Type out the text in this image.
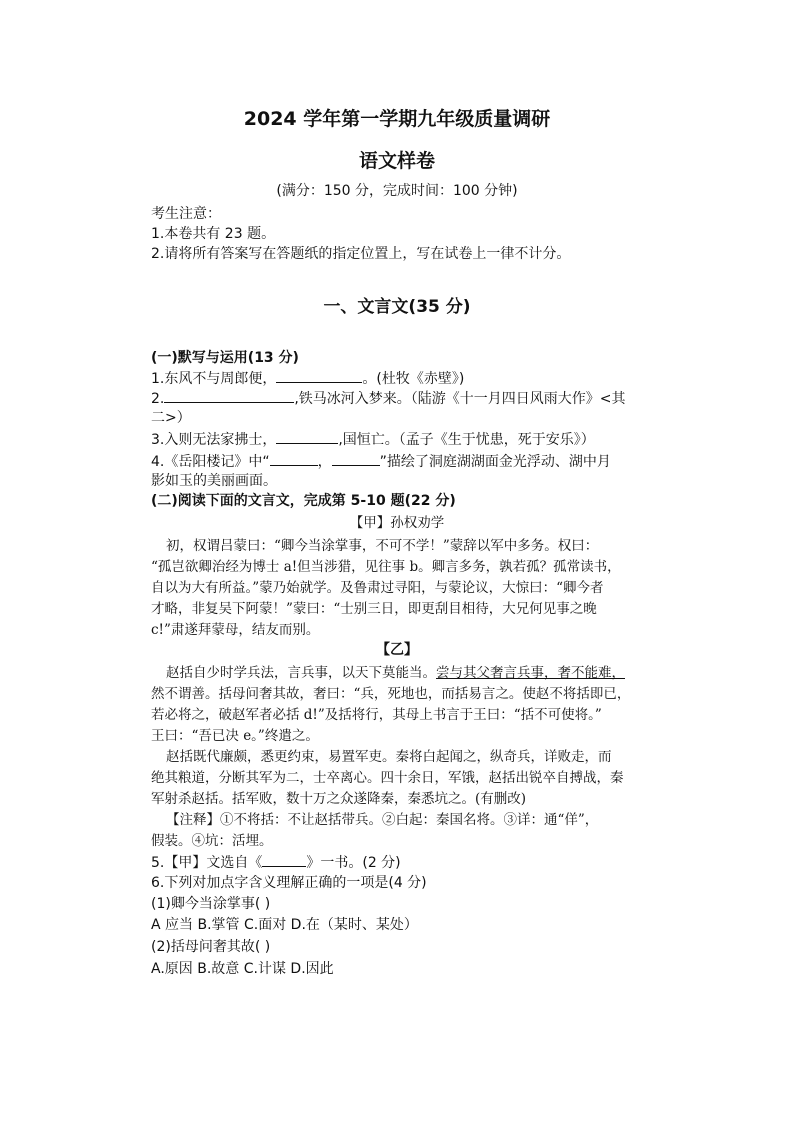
2024 学年第一学期九年级质量调研
语文样卷
(满分：150 分，完成时间：100 分钟)
考生注意：
1.本卷共有 23 题。
2.请将所有答案写在答题纸的指定位置上，写在试卷上一律不计分。
一、文言文(35 分)
(一)默写与运用(13 分)
1.东风不与周郎便，	。(杜牧《赤壁》)
2.	,铁马冰河入梦来。（陆游《十一月四日风雨大作》<其
二>）
3.入则无法家拂士，	,国恒亡。（孟子《生于忧患，死于安乐》）
4.《岳阳楼记》中“	，	”描绘了洞庭湖湖面金光浮动、湖中月
影如玉的美丽画面。
(二)阅读下面的文言文，完成第 5-10 题(22 分)
【甲】孙权劝学
初，权谓吕蒙曰：“卿今当涂掌事，不可不学！”蒙辞以军中多务。权曰：
“孤岂欲卿治经为博士 a!但当涉猎，见往事 b。卿言多务，孰若孤？孤常读书，
自以为大有所益。”蒙乃始就学。及鲁肃过寻阳，与蒙论议，大惊曰：“卿今者
才略，非复吴下阿蒙！”蒙曰：“士别三日，即更刮目相待，大兄何见事之晚
c!”肃遂拜蒙母，结友而别。
【乙】
赵括自少时学兵法，言兵事，以天下莫能当。尝与其父奢言兵事，奢不能难，
然不谓善。括母问奢其故，奢曰：“兵，死地也，而括易言之。使赵不将括即已，
若必将之，破赵军者必括 d!”及括将行，其母上书言于王曰：“括不可使将。”
王曰：“吾已决 e。”终遣之。
赵括既代廉颇，悉更约束，易置军吏。秦将白起闻之，纵奇兵，详败走，而
绝其粮道，分断其军为二，士卒离心。四十余日，军饿，赵括出锐卒自搏战，秦
军射杀赵括。括军败，数十万之众遂降秦，秦悉坑之。(有删改)
【注释】①不将括：不让赵括带兵。②白起：秦国名将。③详：通“佯”，
假装。④坑：活埋。
5.【甲】文选自《	》一书。(2 分)
6.下列对加点字含义理解正确的一项是(4 分)
(1)卿今当涂掌事( )
A 应当 B.掌管 C.面对 D.在（某时、某处）
(2)括母问奢其故( )
A.原因 B.故意 C.计谋 D.因此
